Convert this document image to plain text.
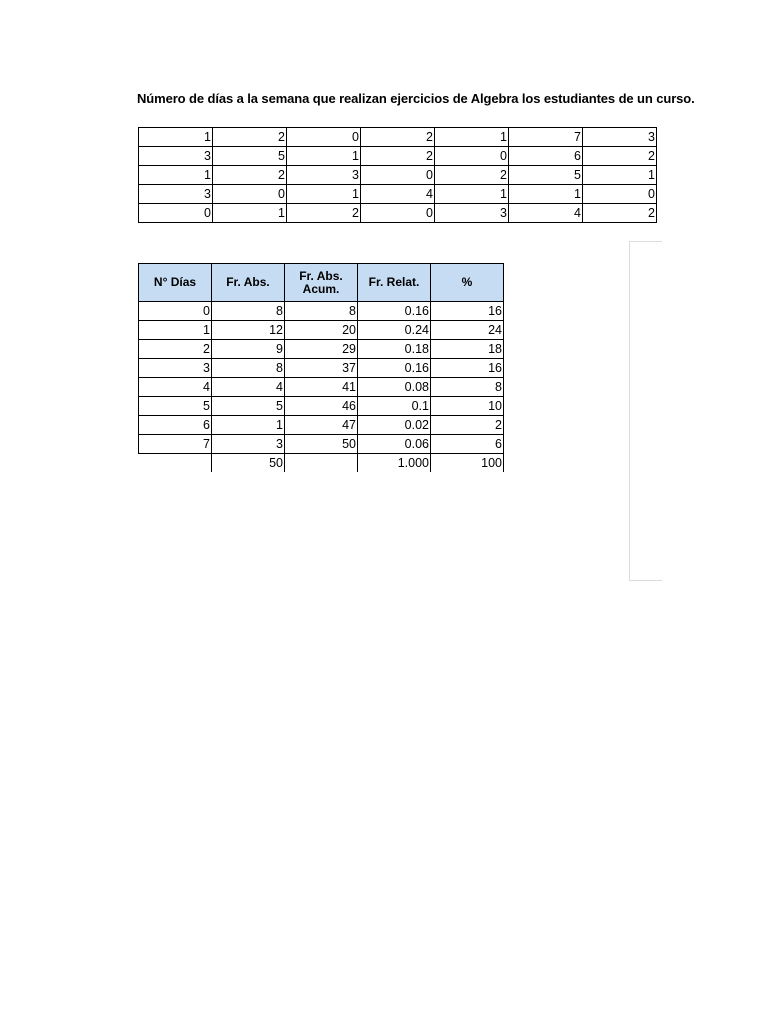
Número de días a la semana que realizan ejercicios de Algebra los estudiantes de un curso.
1	2	0	2	1	7	3
3	5	1	2	0	6	2
1	2	3	0	2	5	1
3	0	1	4	1	1	0
0	1	2	0	3	4	2
N° Días	Fr. Abs.	Fr. Abs. Acum.	Fr. Relat.	%
0	8	8	0.16	16
1	12	20	0.24	24
2	9	29	0.18	18
3	8	37	0.16	16
4	4	41	0.08	8
5	5	46	0.1	10
6	1	47	0.02	2
7	3	50	0.06	6
	50		1.000	100
